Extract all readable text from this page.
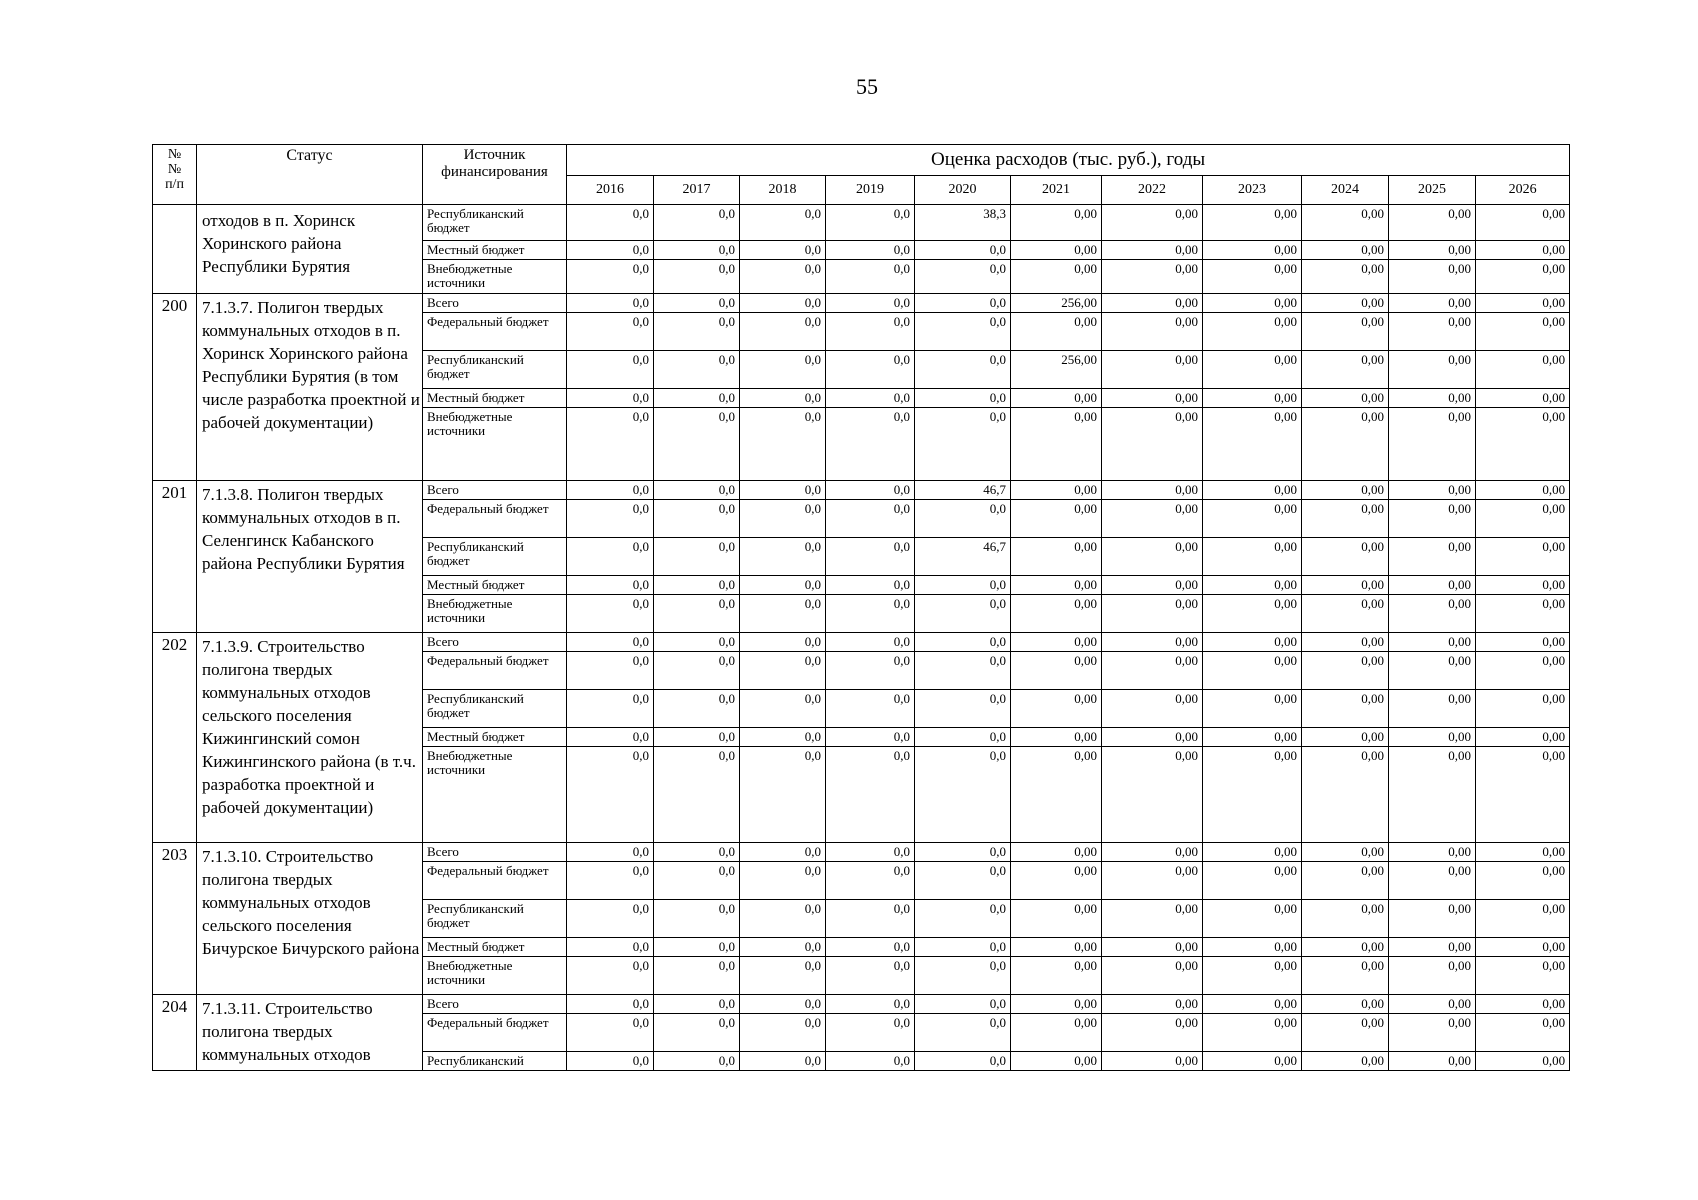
55
№
№
п/п	Статус	Источник финансирования	Оценка расходов (тыс. руб.), годы										
			2016	2017	2018	2019	2020	2021	2022	2023	2024	2025	2026
	отходов в п. Хоринск Хоринского района Республики Бурятия	Республиканский бюджет	0,0	0,0	0,0	0,0	38,3	0,00	0,00	0,00	0,00	0,00	0,00
		Местный бюджет	0,0	0,0	0,0	0,0	0,0	0,00	0,00	0,00	0,00	0,00	0,00
		Внебюджетные источники	0,0	0,0	0,0	0,0	0,0	0,00	0,00	0,00	0,00	0,00	0,00
200	7.1.3.7. Полигон твердых коммунальных отходов в п. Хоринск Хоринского района Республики Бурятия (в том числе разработка проектной и рабочей документации)	Всего	0,0	0,0	0,0	0,0	0,0	256,00	0,00	0,00	0,00	0,00	0,00
		Федеральный бюджет	0,0	0,0	0,0	0,0	0,0	0,00	0,00	0,00	0,00	0,00	0,00
		Республиканский бюджет	0,0	0,0	0,0	0,0	0,0	256,00	0,00	0,00	0,00	0,00	0,00
		Местный бюджет	0,0	0,0	0,0	0,0	0,0	0,00	0,00	0,00	0,00	0,00	0,00
		Внебюджетные источники	0,0	0,0	0,0	0,0	0,0	0,00	0,00	0,00	0,00	0,00	0,00
201	7.1.3.8. Полигон твердых коммунальных отходов в п. Селенгинск Кабанского района Республики Бурятия	Всего	0,0	0,0	0,0	0,0	46,7	0,00	0,00	0,00	0,00	0,00	0,00
		Федеральный бюджет	0,0	0,0	0,0	0,0	0,0	0,00	0,00	0,00	0,00	0,00	0,00
		Республиканский бюджет	0,0	0,0	0,0	0,0	46,7	0,00	0,00	0,00	0,00	0,00	0,00
		Местный бюджет	0,0	0,0	0,0	0,0	0,0	0,00	0,00	0,00	0,00	0,00	0,00
		Внебюджетные источники	0,0	0,0	0,0	0,0	0,0	0,00	0,00	0,00	0,00	0,00	0,00
202	7.1.3.9. Строительство полигона твердых коммунальных отходов сельского поселения Кижингинский сомон Кижингинского района (в т.ч. разработка проектной и рабочей документации)	Всего	0,0	0,0	0,0	0,0	0,0	0,00	0,00	0,00	0,00	0,00	0,00
		Федеральный бюджет	0,0	0,0	0,0	0,0	0,0	0,00	0,00	0,00	0,00	0,00	0,00
		Республиканский бюджет	0,0	0,0	0,0	0,0	0,0	0,00	0,00	0,00	0,00	0,00	0,00
		Местный бюджет	0,0	0,0	0,0	0,0	0,0	0,00	0,00	0,00	0,00	0,00	0,00
		Внебюджетные источники	0,0	0,0	0,0	0,0	0,0	0,00	0,00	0,00	0,00	0,00	0,00
203	7.1.3.10. Строительство полигона твердых коммунальных отходов сельского поселения Бичурское Бичурского района	Всего	0,0	0,0	0,0	0,0	0,0	0,00	0,00	0,00	0,00	0,00	0,00
		Федеральный бюджет	0,0	0,0	0,0	0,0	0,0	0,00	0,00	0,00	0,00	0,00	0,00
		Республиканский бюджет	0,0	0,0	0,0	0,0	0,0	0,00	0,00	0,00	0,00	0,00	0,00
		Местный бюджет	0,0	0,0	0,0	0,0	0,0	0,00	0,00	0,00	0,00	0,00	0,00
		Внебюджетные источники	0,0	0,0	0,0	0,0	0,0	0,00	0,00	0,00	0,00	0,00	0,00
204	7.1.3.11. Строительство полигона твердых коммунальных отходов	Всего	0,0	0,0	0,0	0,0	0,0	0,00	0,00	0,00	0,00	0,00	0,00
		Федеральный бюджет	0,0	0,0	0,0	0,0	0,0	0,00	0,00	0,00	0,00	0,00	0,00
		Республиканский	0,0	0,0	0,0	0,0	0,0	0,00	0,00	0,00	0,00	0,00	0,00
